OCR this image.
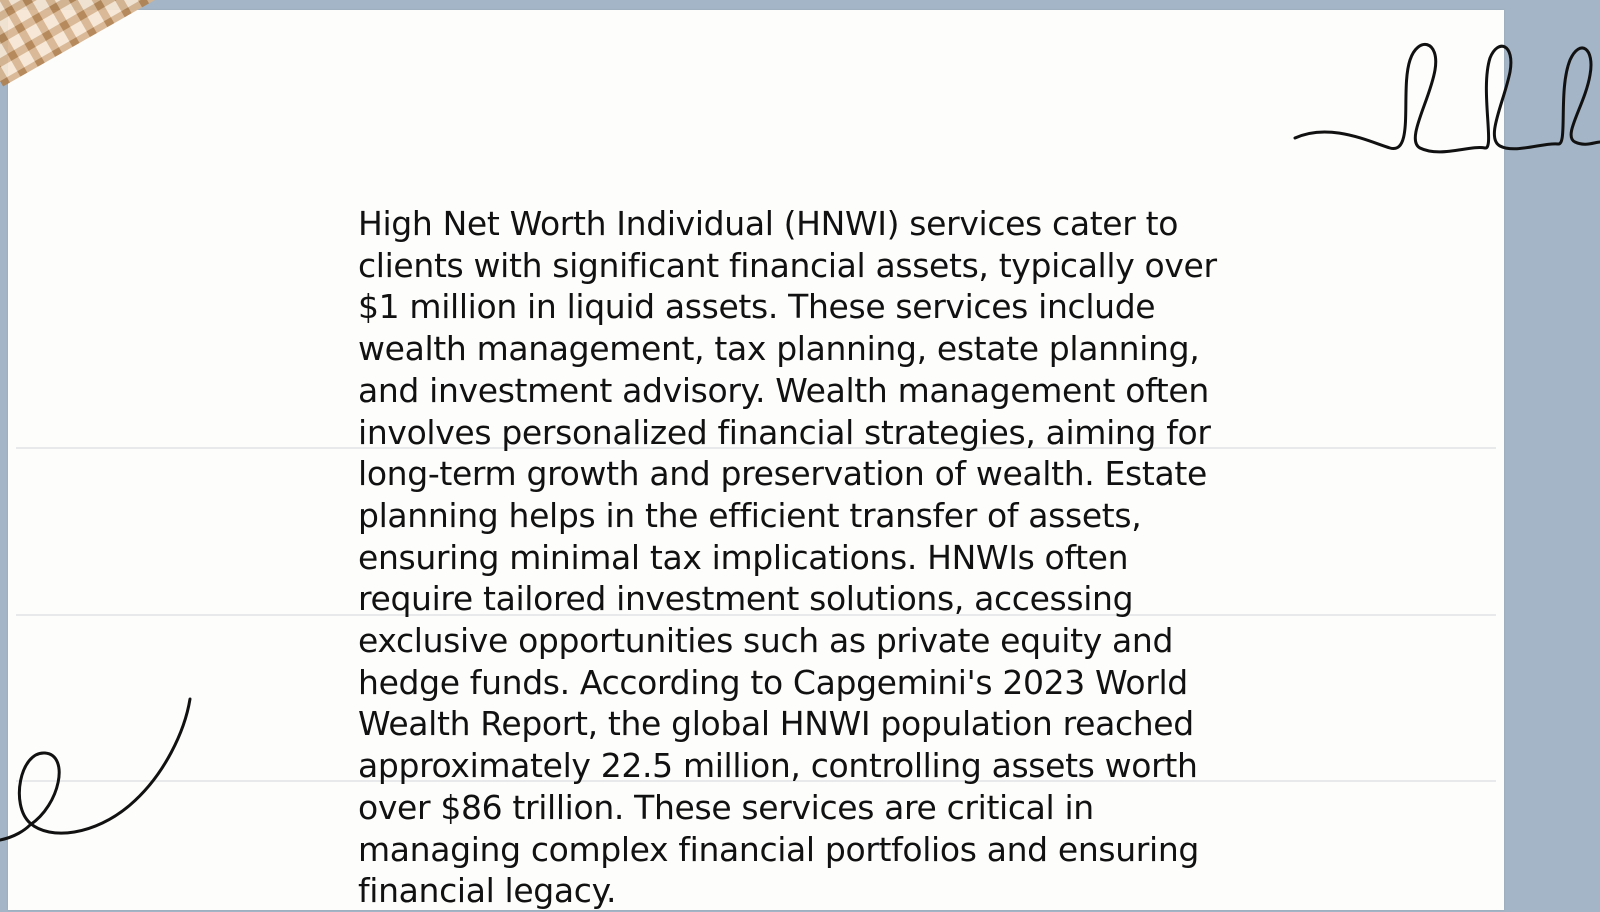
High Net Worth Individual (HNWI) services cater to clients with significant financial assets, typically over $1 million in liquid assets. These services include wealth management, tax planning, estate planning, and investment advisory. Wealth management often involves personalized financial strategies, aiming for long-term growth and preservation of wealth. Estate planning helps in the efficient transfer of assets, ensuring minimal tax implications. HNWIs often require tailored investment solutions, accessing exclusive opportunities such as private equity and hedge funds. According to Capgemini's 2023 World Wealth Report, the global HNWI population reached approximately 22.5 million, controlling assets worth over $86 trillion. These services are critical in managing complex financial portfolios and ensuring financial legacy.
